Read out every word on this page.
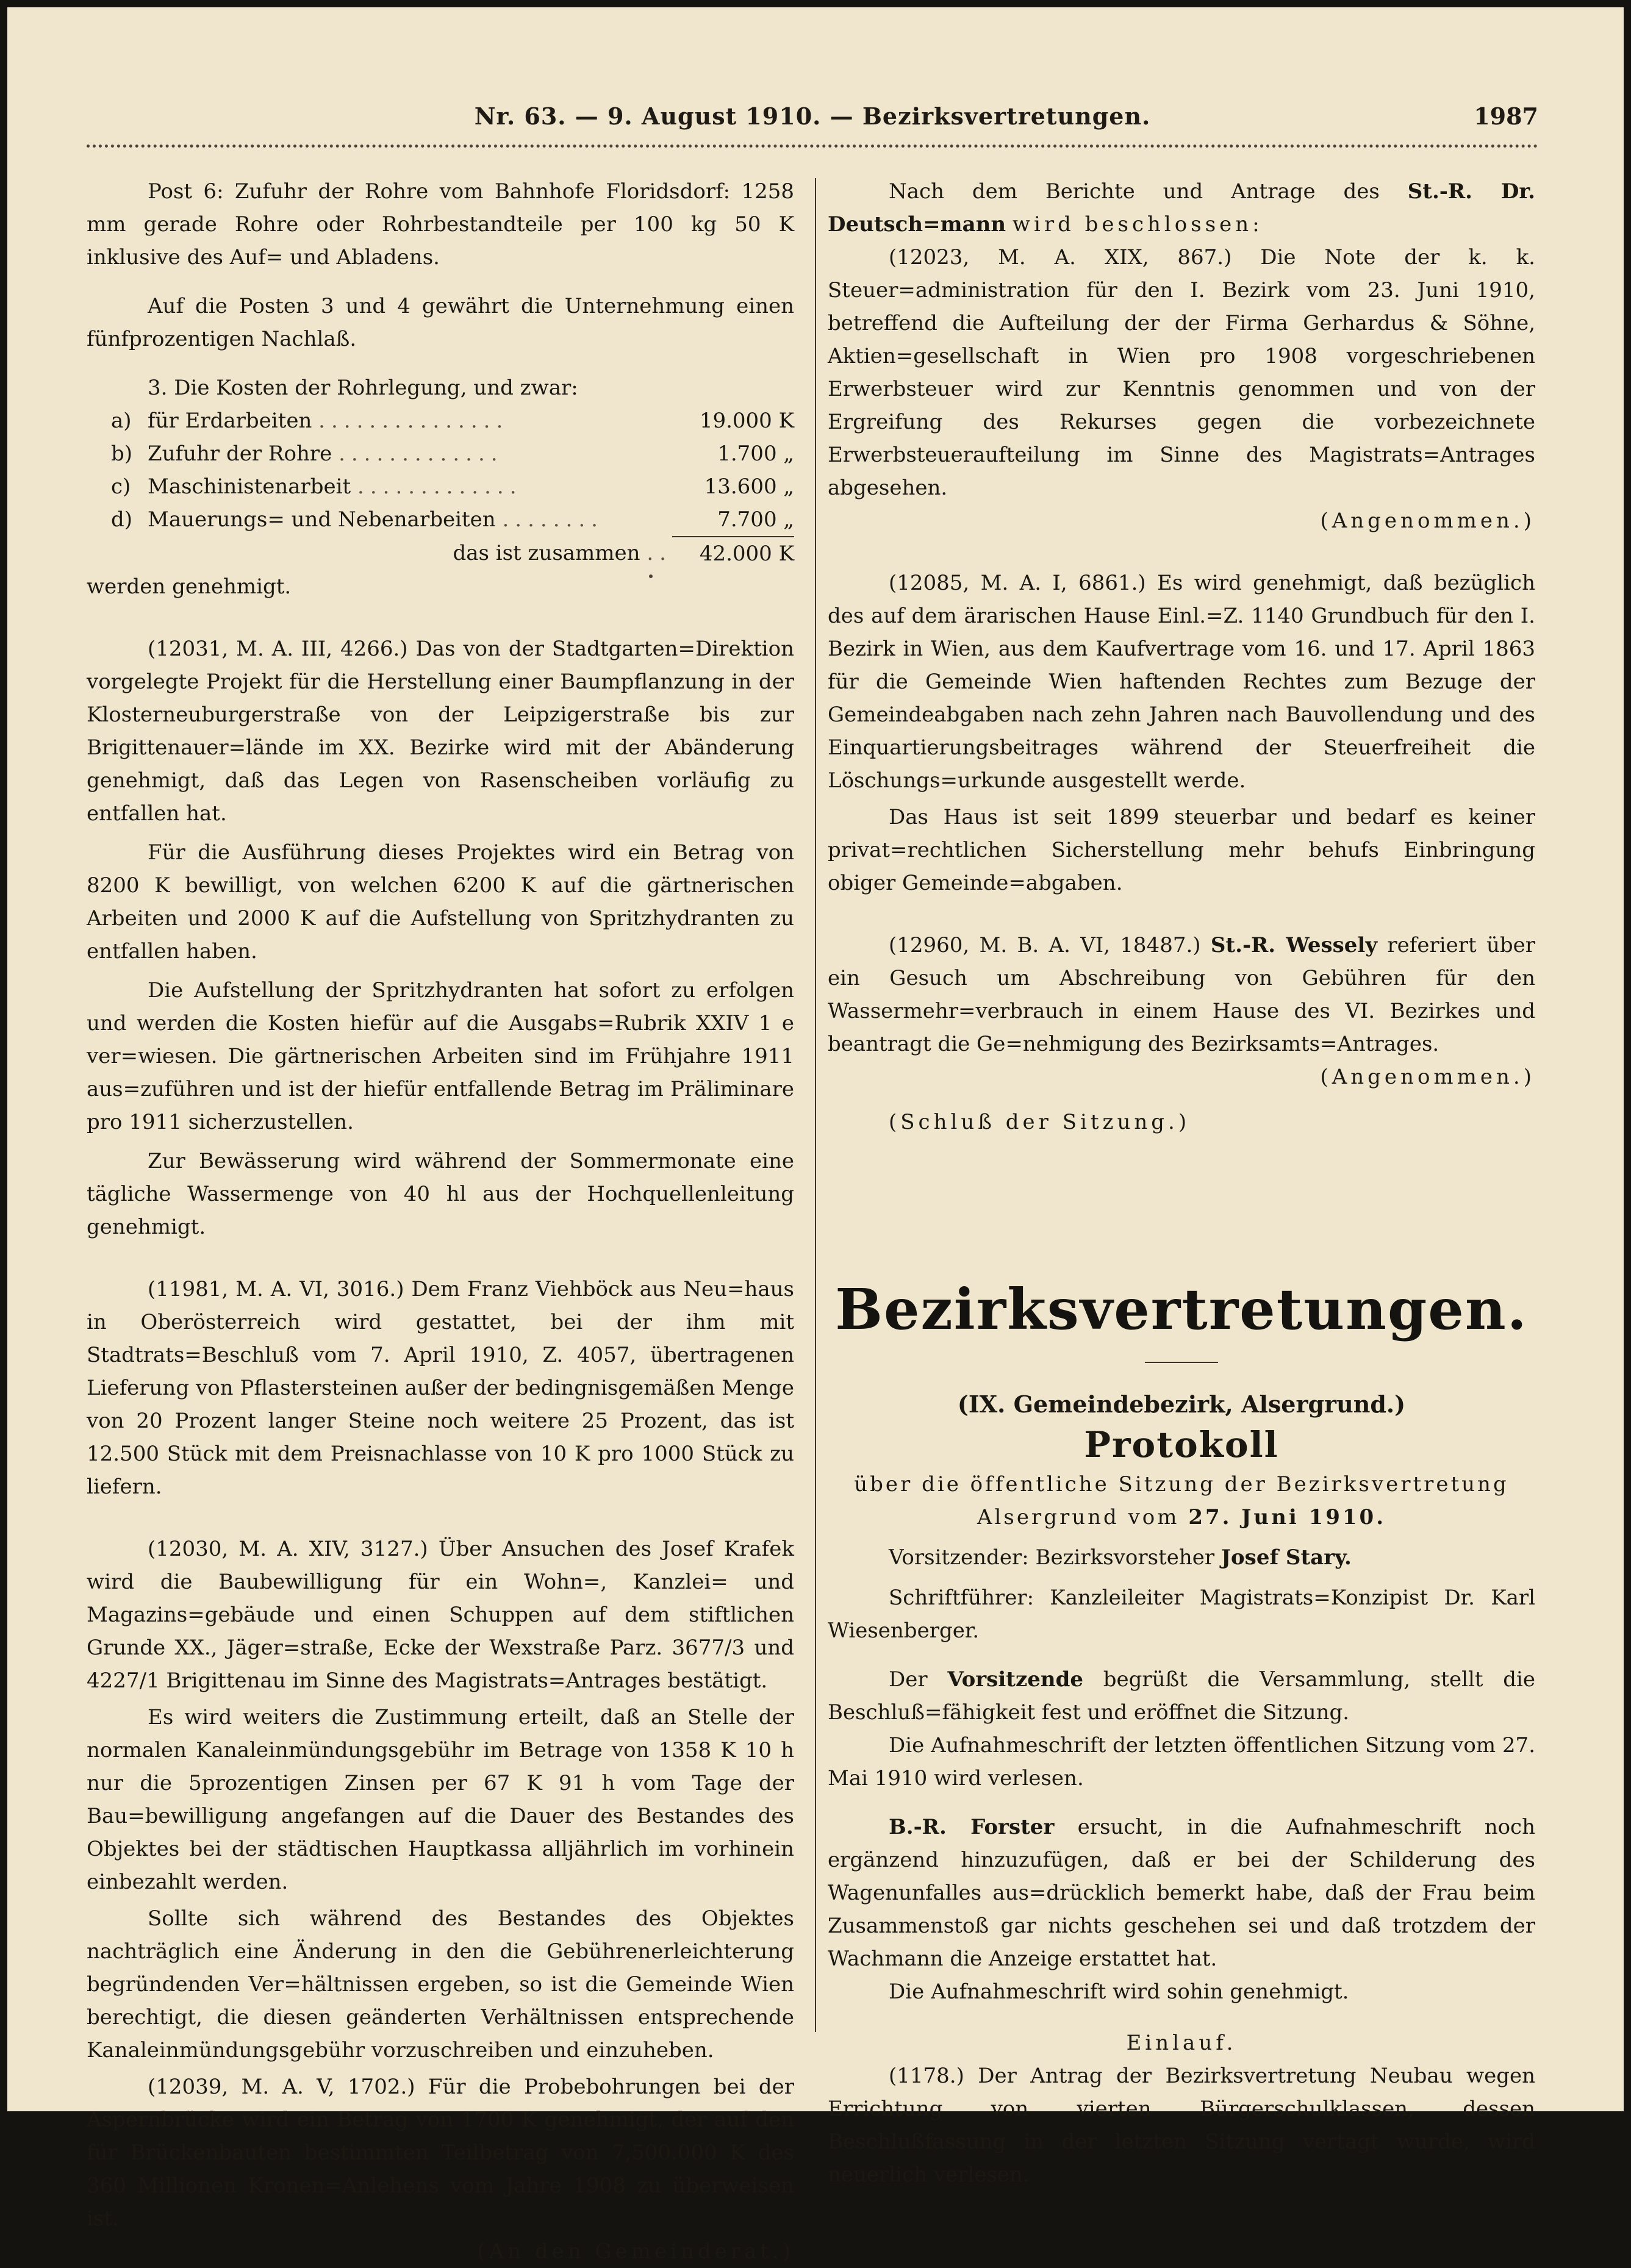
Nr. 63. — 9. August 1910. — Bezirksvertretungen.	1987

Post 6: Zufuhr der Rohre vom Bahnhofe Floridsdorf: 1258 mm gerade Rohre oder Rohrbestandteile per 100 kg 50 K inklusive des Auf= und Abladens.

Auf die Posten 3 und 4 gewährt die Unternehmung einen fünfprozentigen Nachlaß.

3. Die Kosten der Rohrlegung, und zwar:

a)	für Erdarbeiten ...............	19.000 K
b)	Zufuhr der Rohre .............	1.700 „
c)	Maschinistenarbeit .............	13.600 „
d)	Mauerungs= und Nebenarbeiten ........	7.700 „
	das ist zusammen ..	42.000 K

werden genehmigt.

(12031, M. A. III, 4266.) Das von der Stadtgarten=Direktion vorgelegte Projekt für die Herstellung einer Baumpflanzung in der Klosterneuburgerstraße von der Leipzigerstraße bis zur Brigittenauer=lände im XX. Bezirke wird mit der Abänderung genehmigt, daß das Legen von Rasenscheiben vorläufig zu entfallen hat.

Für die Ausführung dieses Projektes wird ein Betrag von 8200 K bewilligt, von welchen 6200 K auf die gärtnerischen Arbeiten und 2000 K auf die Aufstellung von Spritzhydranten zu entfallen haben.

Die Aufstellung der Spritzhydranten hat sofort zu erfolgen und werden die Kosten hiefür auf die Ausgabs=Rubrik XXIV 1 e ver=wiesen. Die gärtnerischen Arbeiten sind im Frühjahre 1911 aus=zuführen und ist der hiefür entfallende Betrag im Präliminare pro 1911 sicherzustellen.

Zur Bewässerung wird während der Sommermonate eine tägliche Wassermenge von 40 hl aus der Hochquellenleitung genehmigt.

(11981, M. A. VI, 3016.) Dem Franz Viehböck aus Neu=haus in Oberösterreich wird gestattet, bei der ihm mit Stadtrats=Beschluß vom 7. April 1910, Z. 4057, übertragenen Lieferung von Pflastersteinen außer der bedingnisgemäßen Menge von 20 Prozent langer Steine noch weitere 25 Prozent, das ist 12.500 Stück mit dem Preisnachlasse von 10 K pro 1000 Stück zu liefern.

(12030, M. A. XIV, 3127.) Über Ansuchen des Josef Krafek wird die Baubewilligung für ein Wohn=, Kanzlei= und Magazins=gebäude und einen Schuppen auf dem stiftlichen Grunde XX., Jäger=straße, Ecke der Wexstraße Parz. 3677/3 und 4227/1 Brigittenau im Sinne des Magistrats=Antrages bestätigt.

Es wird weiters die Zustimmung erteilt, daß an Stelle der normalen Kanaleinmündungsgebühr im Betrage von 1358 K 10 h nur die 5prozentigen Zinsen per 67 K 91 h vom Tage der Bau=bewilligung angefangen auf die Dauer des Bestandes des Objektes bei der städtischen Hauptkassa alljährlich im vorhinein einbezahlt werden.

Sollte sich während des Bestandes des Objektes nachträglich eine Änderung in den die Gebührenerleichterung begründenden Ver=hältnissen ergeben, so ist die Gemeinde Wien berechtigt, die diesen geänderten Verhältnissen entsprechende Kanaleinmündungsgebühr vorzuschreiben und einzuheben.

(12039, M. A. V, 1702.) Für die Probebohrungen bei der Aspernbrücke wird ein Betrag von 1700 K genehmigt, der auf den für Brückenbauten bestimmten Teilbetrag von 7,500.000 K des 360 Millionen Kronen=Anlehens vom Jahre 1908 zu überweisen ist.

(An den Gemeinderat.)

Nach dem Berichte und Antrage des St.-R. Dr. Deutsch=mann wird beschlossen:

(12023, M. A. XIX, 867.) Die Note der k. k. Steuer=administration für den I. Bezirk vom 23. Juni 1910, betreffend die Aufteilung der der Firma Gerhardus & Söhne, Aktien=gesellschaft in Wien pro 1908 vorgeschriebenen Erwerbsteuer wird zur Kenntnis genommen und von der Ergreifung des Rekurses gegen die vorbezeichnete Erwerbsteueraufteilung im Sinne des Magistrats=Antrages abgesehen.

(Angenommen.)

(12085, M. A. I, 6861.) Es wird genehmigt, daß bezüglich des auf dem ärarischen Hause Einl.=Z. 1140 Grundbuch für den I. Bezirk in Wien, aus dem Kaufvertrage vom 16. und 17. April 1863 für die Gemeinde Wien haftenden Rechtes zum Bezuge der Gemeindeabgaben nach zehn Jahren nach Bauvollendung und des Einquartierungsbeitrages während der Steuerfreiheit die Löschungs=urkunde ausgestellt werde.

Das Haus ist seit 1899 steuerbar und bedarf es keiner privat=rechtlichen Sicherstellung mehr behufs Einbringung obiger Gemeinde=abgaben.

(12960, M. B. A. VI, 18487.) St.-R. Wessely referiert über ein Gesuch um Abschreibung von Gebühren für den Wassermehr=verbrauch in einem Hause des VI. Bezirkes und beantragt die Ge=nehmigung des Bezirksamts=Antrages.

(Angenommen.)

(Schluß der Sitzung.)

Bezirksvertretungen.
(IX. Gemeindebezirk, Alsergrund.)
Protokoll

über die öffentliche Sitzung der Bezirksvertretung

Alsergrund vom 27. Juni 1910.

Vorsitzender: Bezirksvorsteher Josef Stary.

Schriftführer: Kanzleileiter Magistrats=Konzipist Dr. Karl Wiesenberger.

Der Vorsitzende begrüßt die Versammlung, stellt die Beschluß=fähigkeit fest und eröffnet die Sitzung.

Die Aufnahmeschrift der letzten öffentlichen Sitzung vom 27. Mai 1910 wird verlesen.

B.-R. Forster ersucht, in die Aufnahmeschrift noch ergänzend hinzuzufügen, daß er bei der Schilderung des Wagenunfalles aus=drücklich bemerkt habe, daß der Frau beim Zusammenstoß gar nichts geschehen sei und daß trotzdem der Wachmann die Anzeige erstattet hat.

Die Aufnahmeschrift wird sohin genehmigt.

Einlauf.

(1178.) Der Antrag der Bezirksvertretung Neubau wegen Errichtung von vierten Bürgerschulklassen, dessen Beschlußfassung in der letzten Sitzung vertagt wurde, wird neuerlich verlesen.
